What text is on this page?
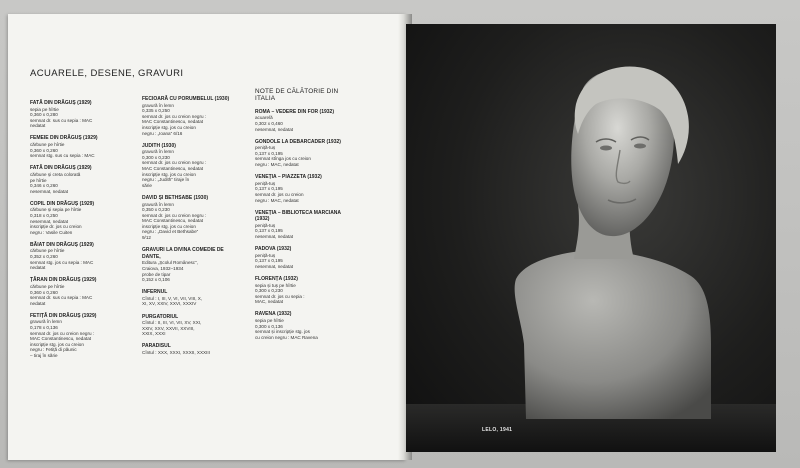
ACUARELE, DESENE, GRAVURI
FATĂ DIN DRĂGUȘ (1929)
sepia pe hîrtie
0,360 x 0,280
semnat dr. sus cu sepia : MAC
nedatat
FEMEIE DIN DRĂGUȘ (1929)
cărbune pe hîrtie
0,360 x 0,260
semnat stg. sus cu sepia : MAC
FATĂ DIN DRĂGUȘ (1929)
cărbune și creta colorată
pe hîrtie
0,346 x 0,260
nesemnat, nedatat
COPIL DIN DRĂGUȘ (1929)
cărbune și sepia pe hîrtie
0,318 x 0,250
nesemnat, nedatat
inscripție dr. jos cu creion
negru : Vasile Cuiten
BĂIAT DIN DRĂGUȘ (1929)
cărbune pe hîrtie
0,352 x 0,260
semnat stg. jos cu sepia : MAC
nedatat
ȚĂRAN DIN DRĂGUȘ (1929)
cărbune pe hîrtie
0,360 x 0,260
semnat dr. sus cu sepia : MAC
nedatat
FETIȚĂ DIN DRĂGUȘ (1929)
gravură în lemn
0,178 x 0,136
semnat dr. jos cu creion negru :
MAC Constantinescu, nedatat
inscripție stg. jos cu creion
negru : Fetiță di păunic
– tiraj în sărie
FECIOARĂ CU PORUMBELUL (1930)
gravură în lemn
0,335 x 0,250
semnat dr. jos cu creion negru :
MAC Constantinescu, nedatat
inscripție stg. jos cu creion
negru : „Ioana” 6/16
JUDITH (1930)
gravură în lemn
0,300 x 0,230
semnat dr. jos cu creion negru :
MAC Constantinescu, nedatat
inscripție stg. jos cu creion
negru : „Judith” tiraje în
sărie
DAVID ȘI BETHSABE (1930)
gravură în lemn
0,350 x 0,230
semnat dr. jos cu creion negru :
MAC Constantinescu, nedatat
inscripție stg. jos cu creion
negru : „David et Bethsabe”
9/12
GRAVURI LA DIVINA COMEDIE DE DANTE,
Editura „Școlul Românesc”,
Craiova, 1932–1934
probe de tipar
0,152 x 0,106
INFERNUL
Cîntul : I, III, V, VI, VII, VIII, X,
XI, XV, XXIV, XXVI, XXXIV
PURGATORIUL
Cîntul : II, III, VI, VII, XV, XXI,
XXIV, XXV, XXVII, XXVIII,
XXIX, XXXI
PARADISUL
Cîntul : XXX, XXXI, XXXII, XXXIII
NOTE DE CĂLĂTORIE DIN ITALIA
ROMA – VEDERE DIN FOR (1932)
acuarelă
0,302 x 0,460
nesemnat, nedatat
GONDOLE LA DEBARCADER (1932)
peniță-tuș
0,137 x 0,195
semnat stînga jos cu creion
negru : MAC, nedatat
VENEȚIA – PIAZZETA (1932)
peniță-tuș
0,137 x 0,195
semnat dr. jos cu creion
negru : MAC, nedatat
VENEȚIA – BIBLIOTECA MARCIANA (1932)
peniță-tuș
0,137 x 0,195
nesemnat, nedatat
PADOVA (1932)
peniță-tuș
0,137 x 0,195
nesemnat, nedatat
FLORENȚA (1932)
sepia și tuș pe hîrtie
0,300 x 0,230
semnat dr. jos cu sepia :
MAC, nedatat
RAVENA (1932)
sepia pe hîrtie
0,300 x 0,136
semnat și inscripție stg. jos
cu creion negru : MAC Ravena
LELO, 1941
